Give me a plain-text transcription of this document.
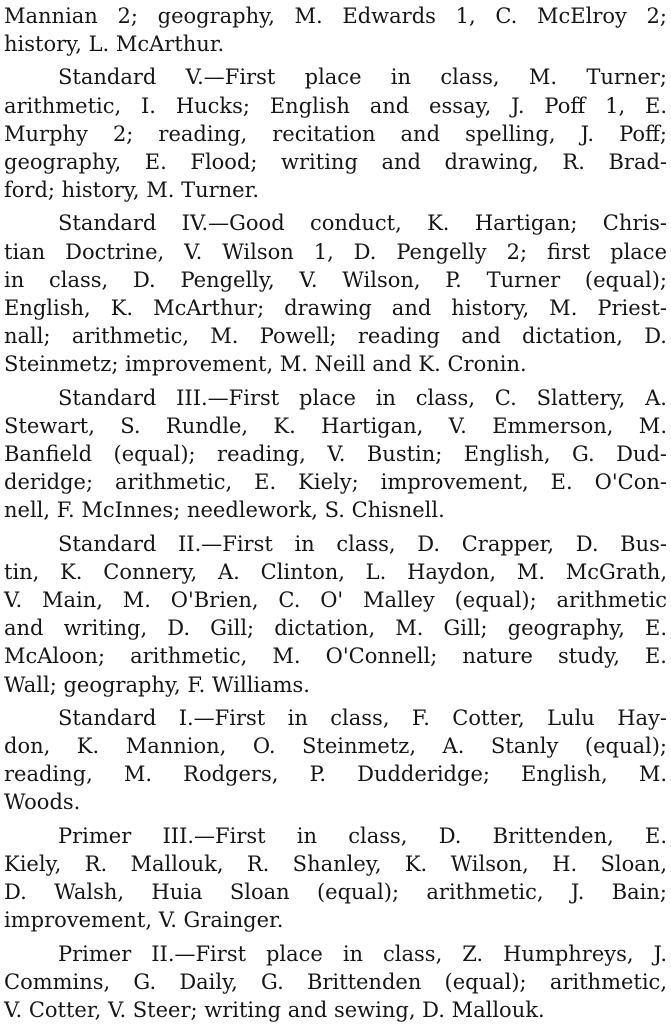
Mannian 2; geography, M. Edwards 1, C. McElroy 2;
history, L. McArthur.
Standard V.—First place in class, M. Turner;
arithmetic, I. Hucks; English and essay, J. Poff 1, E.
Murphy 2; reading, recitation and spelling, J. Poff;
geography, E. Flood; writing and drawing, R. Brad-
ford; history, M. Turner.
Standard IV.—Good conduct, K. Hartigan; Chris-
tian Doctrine, V. Wilson 1, D. Pengelly 2; first place
in class, D. Pengelly, V. Wilson, P. Turner (equal);
English, K. McArthur; drawing and history, M. Priest-
nall; arithmetic, M. Powell; reading and dictation, D.
Steinmetz; improvement, M. Neill and K. Cronin.
Standard III.—First place in class, C. Slattery, A.
Stewart, S. Rundle, K. Hartigan, V. Emmerson, M.
Banfield (equal); reading, V. Bustin; English, G. Dud-
deridge; arithmetic, E. Kiely; improvement, E. O'Con-
nell, F. McInnes; needlework, S. Chisnell.
Standard II.—First in class, D. Crapper, D. Bus-
tin, K. Connery, A. Clinton, L. Haydon, M. McGrath,
V. Main, M. O'Brien, C. O' Malley (equal); arithmetic
and writing, D. Gill; dictation, M. Gill; geography, E.
McAloon; arithmetic, M. O'Connell; nature study, E.
Wall; geography, F. Williams.
Standard I.—First in class, F. Cotter, Lulu Hay-
don, K. Mannion, O. Steinmetz, A. Stanly (equal);
reading, M. Rodgers, P. Dudderidge; English, M.
Woods.
Primer III.—First in class, D. Brittenden, E.
Kiely, R. Mallouk, R. Shanley, K. Wilson, H. Sloan,
D. Walsh, Huia Sloan (equal); arithmetic, J. Bain;
improvement, V. Grainger.
Primer II.—First place in class, Z. Humphreys, J.
Commins, G. Daily, G. Brittenden (equal); arithmetic,
V. Cotter, V. Steer; writing and sewing, D. Mallouk.
